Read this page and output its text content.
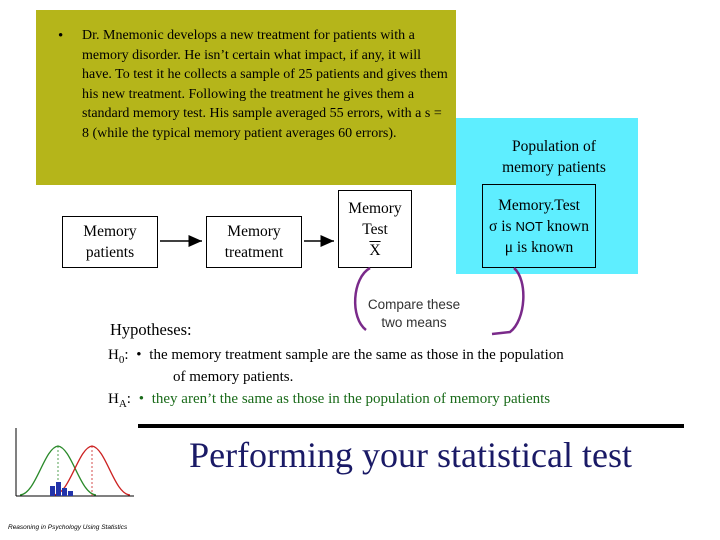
• Dr. Mnemonic develops a new treatment for patients with a memory disorder. He isn’t certain what impact, if any, it will have. To test it he collects a sample of 25 patients and gives them his new treatment. Following the treatment he gives them a standard memory test. His sample averaged 55 errors, with a s = 8 (while the typical memory patient averages 60 errors).
Population of
memory patients
Memory.Test
σ is NOT known
μ is known
Memory
patients
Memory
treatment
Memory
Test
$\overline{X}$
Compare these
two means
Hypotheses:
$H_0$: • the memory treatment sample are the same as those in the population
of memory patients.
$H_A$: • they aren’t the same as those in the population of memory patients
Performing your statistical test
Reasoning in Psychology Using Statistics
